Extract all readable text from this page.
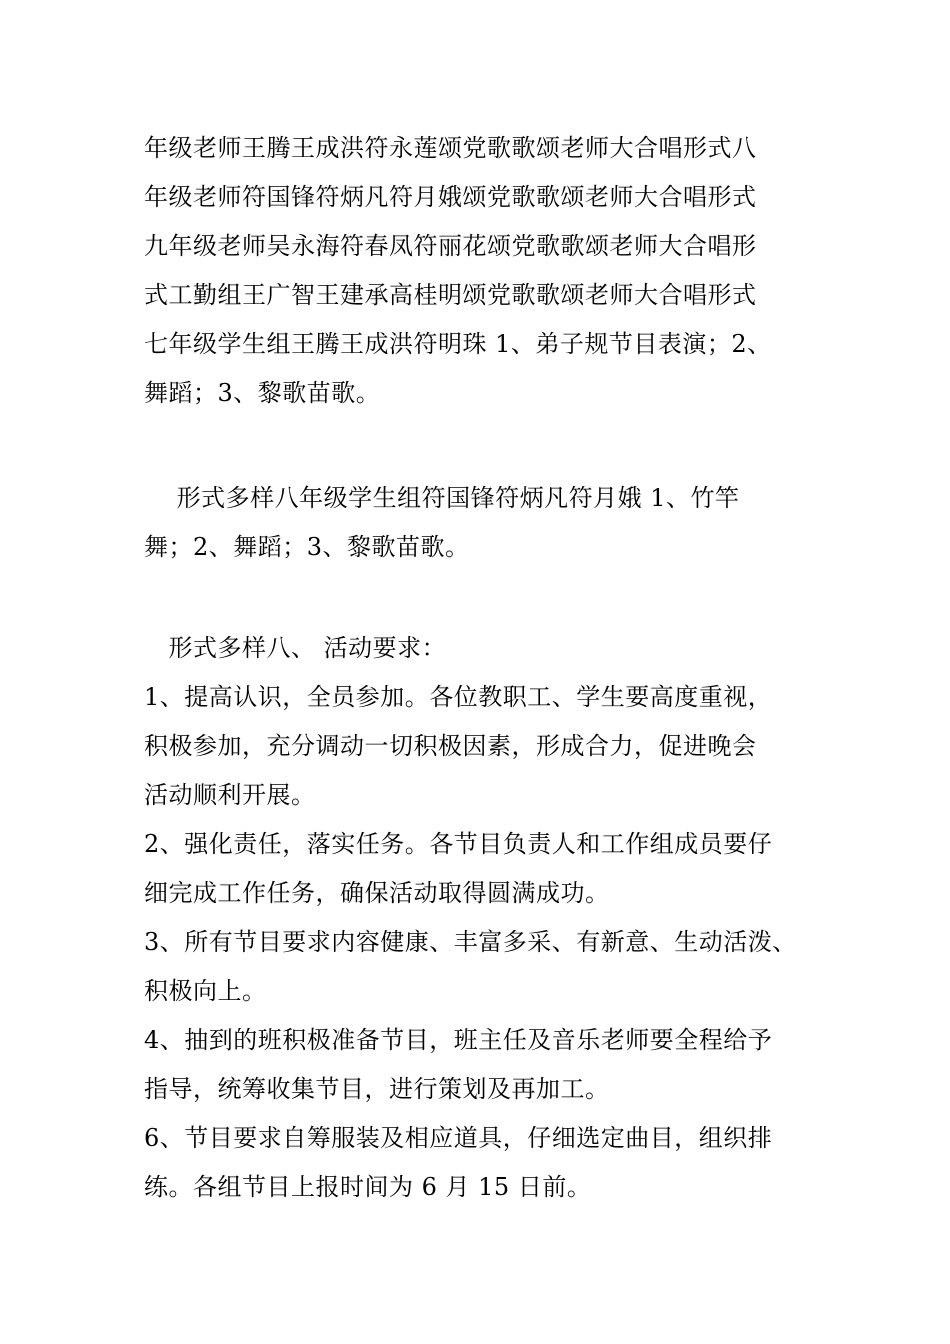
年级老师王腾王成洪符永莲颂党歌歌颂老师大合唱形式八
年级老师符国锋符炳凡符月娥颂党歌歌颂老师大合唱形式
九年级老师吴永海符春凤符丽花颂党歌歌颂老师大合唱形
式工勤组王广智王建承高桂明颂党歌歌颂老师大合唱形式
七年级学生组王腾王成洪符明珠 1、弟子规节目表演；2、
舞蹈；3、黎歌苗歌。
　 形式多样八年级学生组符国锋符炳凡符月娥 1、竹竿
舞；2、舞蹈；3、黎歌苗歌。
　形式多样八、 活动要求：
1、提高认识，全员参加。各位教职工、学生要高度重视，
积极参加，充分调动一切积极因素，形成合力，促进晚会
活动顺利开展。
2、强化责任，落实任务。各节目负责人和工作组成员要仔
细完成工作任务，确保活动取得圆满成功。
3、所有节目要求内容健康、丰富多采、有新意、生动活泼、
积极向上。
4、抽到的班积极准备节目，班主任及音乐老师要全程给予
指导，统筹收集节目，进行策划及再加工。
6、节目要求自筹服装及相应道具，仔细选定曲目，组织排
练。各组节目上报时间为 6 月 15 日前。
